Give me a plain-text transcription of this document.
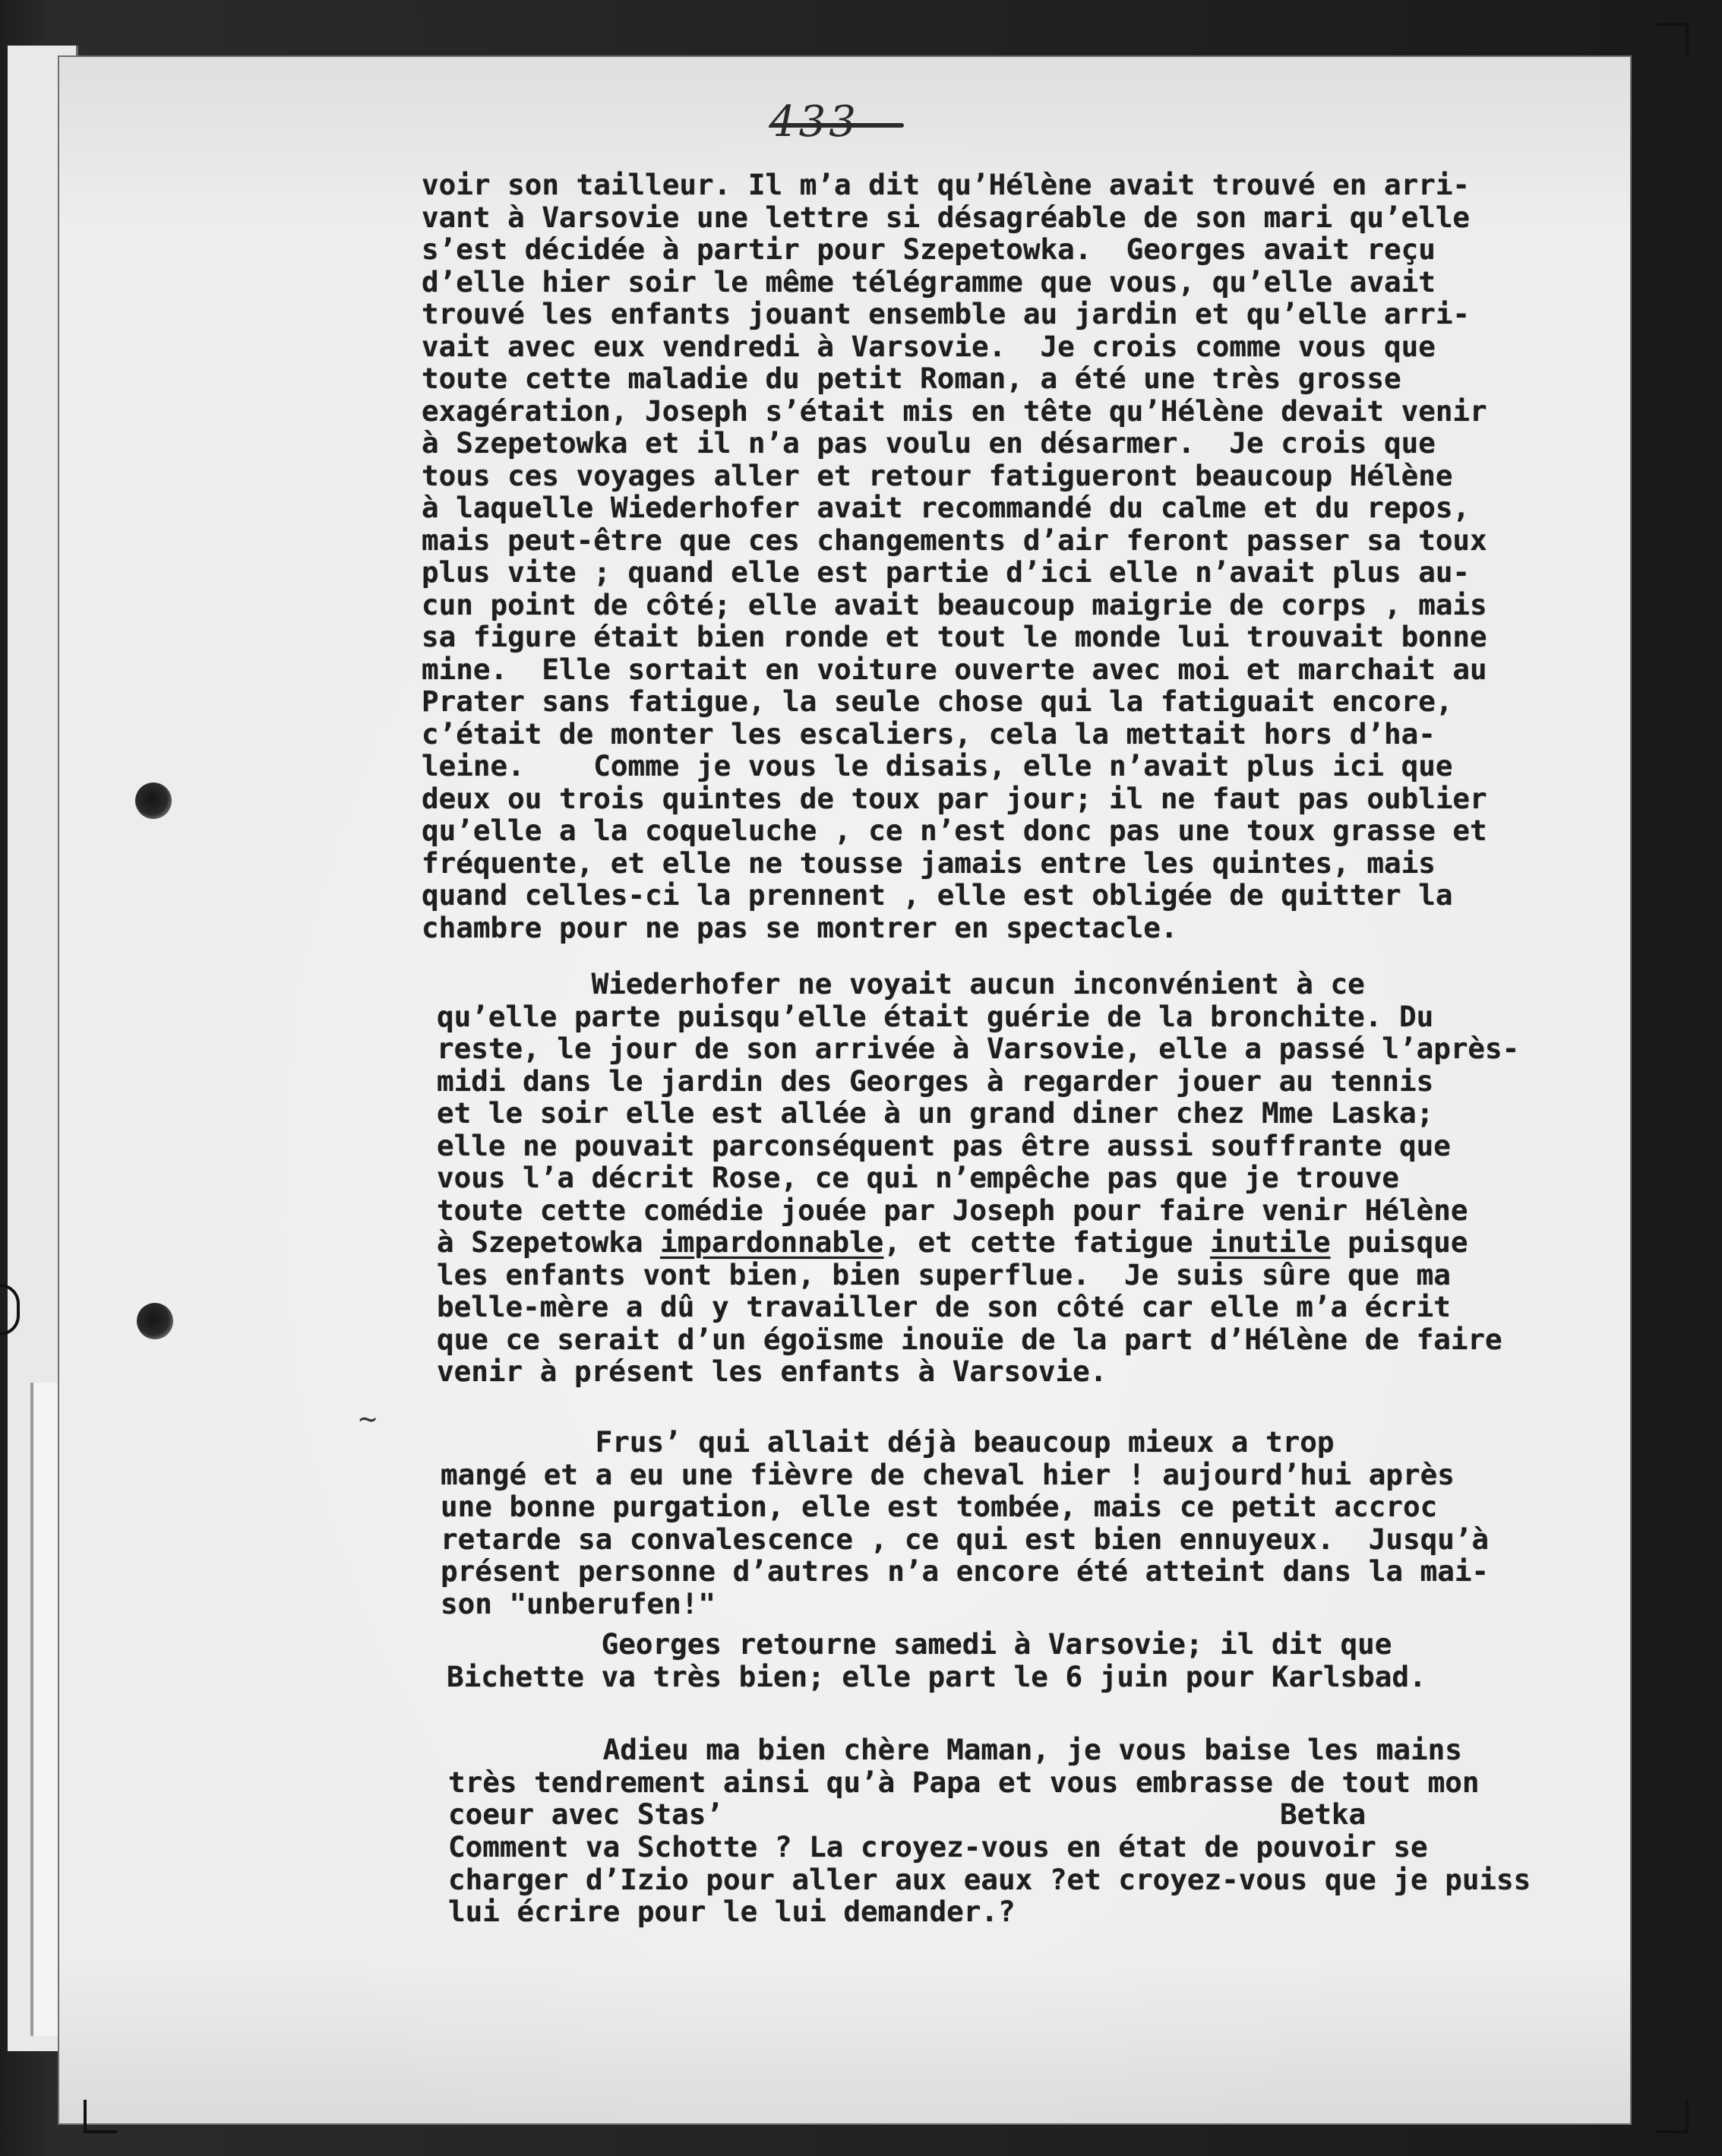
433
~

voir son tailleur. Il m’a dit qu’Hélène avait trouvé en arri-
vant à Varsovie une lettre si désagréable de son mari qu’elle
s’est décidée à partir pour Szepetowka.  Georges avait reçu
d’elle hier soir le même télégramme que vous, qu’elle avait
trouvé les enfants jouant ensemble au jardin et qu’elle arri-
vait avec eux vendredi à Varsovie.  Je crois comme vous que
toute cette maladie du petit Roman, a été une très grosse
exagération, Joseph s’était mis en tête qu’Hélène devait venir
à Szepetowka et il n’a pas voulu en désarmer.  Je crois que
tous ces voyages aller et retour fatigueront beaucoup Hélène
à laquelle Wiederhofer avait recommandé du calme et du repos,
mais peut-être que ces changements d’air feront passer sa toux
plus vite ; quand elle est partie d’ici elle n’avait plus au-
cun point de côté; elle avait beaucoup maigrie de corps , mais
sa figure était bien ronde et tout le monde lui trouvait bonne
mine.  Elle sortait en voiture ouverte avec moi et marchait au
Prater sans fatigue, la seule chose qui la fatiguait encore,
c’était de monter les escaliers, cela la mettait hors d’ha-
leine.    Comme je vous le disais, elle n’avait plus ici que
deux ou trois quintes de toux par jour; il ne faut pas oublier
qu’elle a la coqueluche , ce n’est donc pas une toux grasse et
fréquente, et elle ne tousse jamais entre les quintes, mais
quand celles-ci la prennent , elle est obligée de quitter la
chambre pour ne pas se montrer en spectacle.

Wiederhofer ne voyait aucun inconvénient à ce
qu’elle parte puisqu’elle était guérie de la bronchite. Du
reste, le jour de son arrivée à Varsovie, elle a passé l’après-
midi dans le jardin des Georges à regarder jouer au tennis
et le soir elle est allée à un grand diner chez Mme Laska;
elle ne pouvait parconséquent pas être aussi souffrante que
vous l’a décrit Rose, ce qui n’empêche pas que je trouve
toute cette comédie jouée par Joseph pour faire venir Hélène
à Szepetowka impardonnable, et cette fatigue inutile puisque
les enfants vont bien, bien superflue.  Je suis sûre que ma
belle-mère a dû y travailler de son côté car elle m’a écrit
que ce serait d’un égoïsme inouïe de la part d’Hélène de faire
venir à présent les enfants à Varsovie.

Frus’ qui allait déjà beaucoup mieux a trop
mangé et a eu une fièvre de cheval hier ! aujourd’hui après
une bonne purgation, elle est tombée, mais ce petit accroc
retarde sa convalescence , ce qui est bien ennuyeux.  Jusqu’à
présent personne d’autres n’a encore été atteint dans la mai-
son "unberufen!"

Georges retourne samedi à Varsovie; il dit que
Bichette va très bien; elle part le 6 juin pour Karlsbad.

Adieu ma bien chère Maman, je vous baise les mains
très tendrement ainsi qu’à Papa et vous embrasse de tout mon
coeur avec Stas’

	Betka

Comment va Schotte ? La croyez-vous en état de pouvoir se
charger d’Izio pour aller aux eaux ?et croyez-vous que je puiss
lui écrire pour le lui demander.?
